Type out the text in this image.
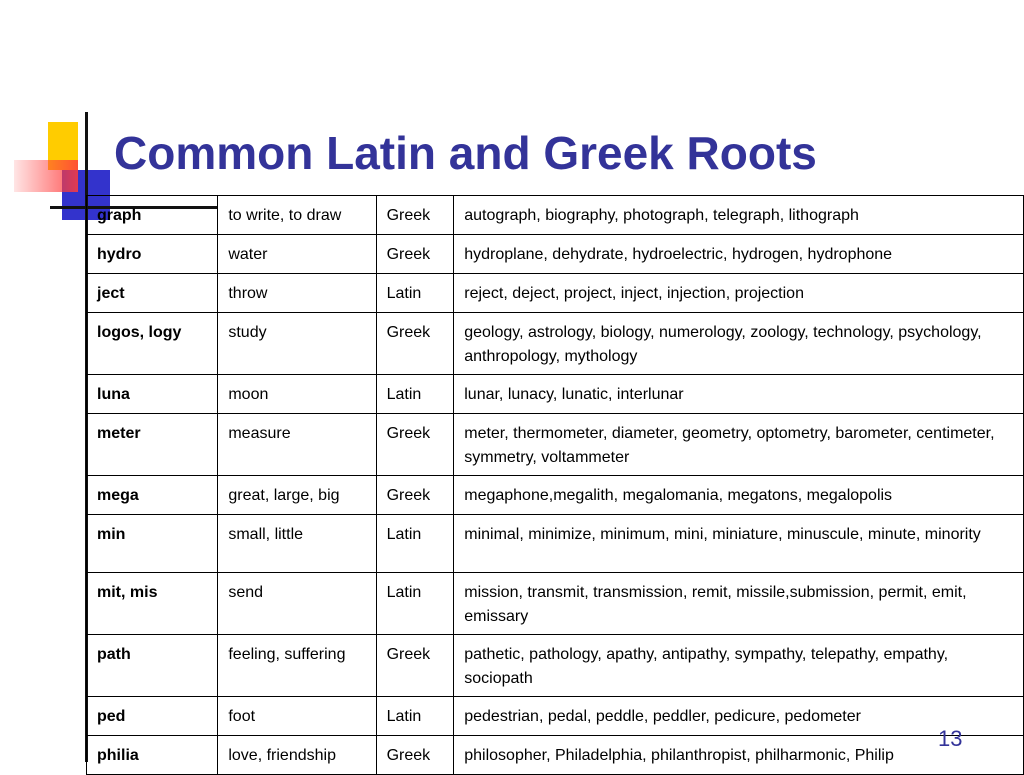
Common Latin and Greek Roots
graph	to write, to draw	Greek	autograph, biography, photograph, telegraph, lithograph
hydro	water	Greek	hydroplane, dehydrate, hydroelectric, hydrogen, hydrophone
ject	throw	Latin	reject, deject, project, inject, injection, projection
logos, logy	study	Greek	geology, astrology, biology, numerology, zoology, technology, psychology, anthropology, mythology
luna	moon	Latin	lunar, lunacy, lunatic, interlunar
meter	measure	Greek	meter, thermometer, diameter, geometry, optometry, barometer, centimeter, symmetry, voltammeter
mega	great, large, big	Greek	megaphone,megalith, megalomania, megatons, megalopolis
min	small, little	Latin	minimal, minimize, minimum, mini, miniature, minuscule, minute, minority
mit, mis	send	Latin	mission, transmit, transmission, remit, missile,submission, permit, emit, emissary
path	feeling, suffering	Greek	pathetic, pathology, apathy, antipathy, sympathy, telepathy, empathy, sociopath
ped	foot	Latin	pedestrian, pedal, peddle, peddler, pedicure, pedometer
philia	love, friendship	Greek	philosopher, Philadelphia, philanthropist, philharmonic, Philip
13
